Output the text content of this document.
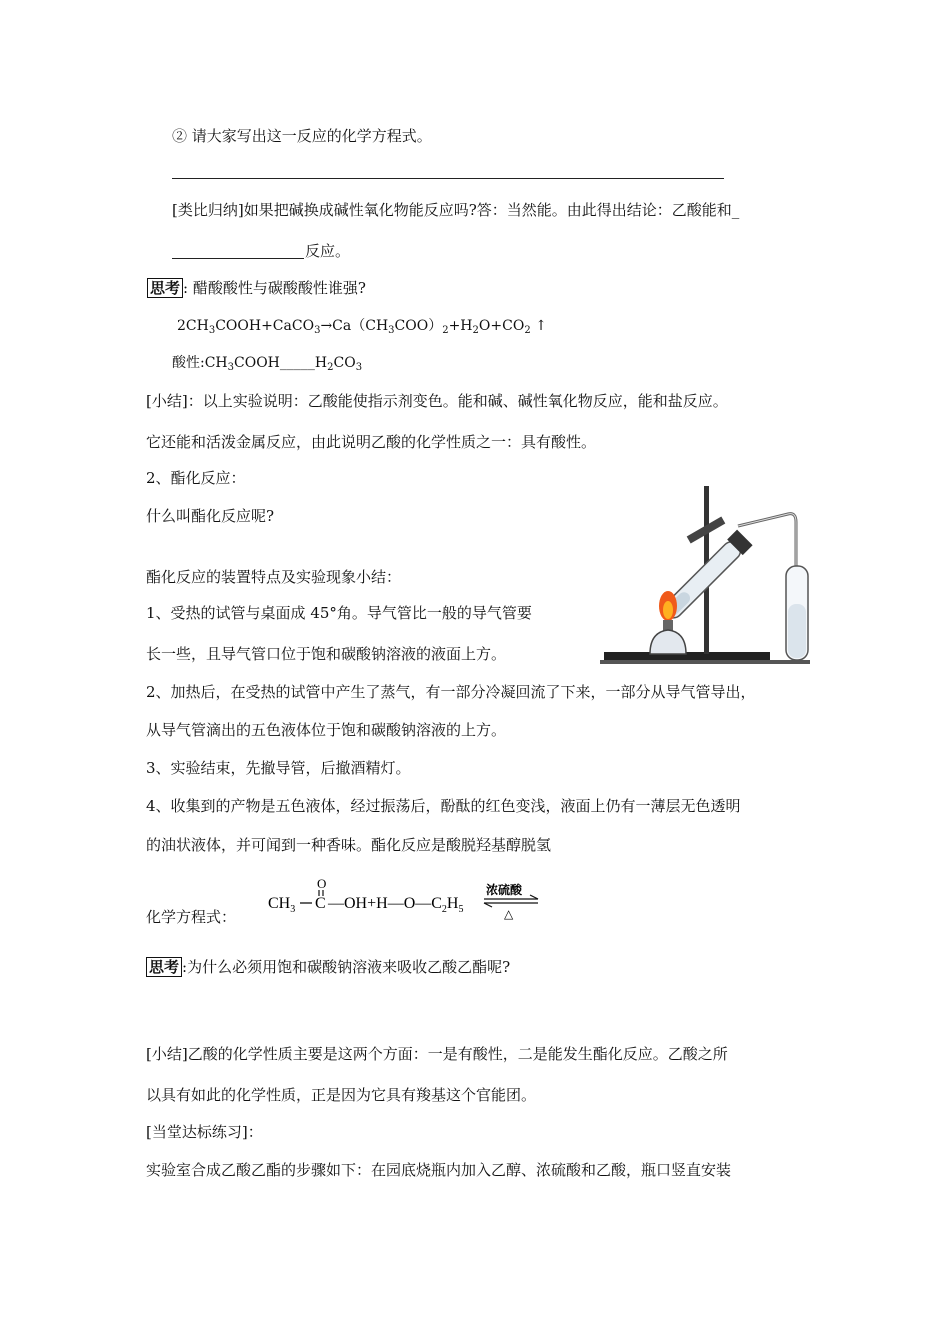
② 请大家写出这一反应的化学方程式。
[类比归纳]如果把碱换成碱性氧化物能反应吗?答：当然能。由此得出结论：乙酸能和_
反应。
思考 : 醋酸酸性与碳酸酸性谁强?
$2CH_3COOH+CaCO_3\to Ca(CH_3COO)_2+H_2O+CO_2$ ↑
酸性$:CH_3COOH\_\_\_\_\_H_2CO_3$
[小结]：以上实验说明：乙酸能使指示剂变色。能和碱、碱性氧化物反应，能和盐反应。
它还能和活泼金属反应，由此说明乙酸的化学性质之一：具有酸性。
2、酯化反应：
什么叫酯化反应呢?
酯化反应的装置特点及实验现象小结：
1、受热的试管与桌面成 45°角。导气管比一般的导气管要
长一些，且导气管口位于饱和碳酸钠溶液的液面上方。
2、加热后，在受热的试管中产生了蒸气，有一部分冷凝回流了下来，一部分从导气管导出，
从导气管滴出的五色液体位于饱和碳酸钠溶液的上方。
3、实验结束，先撤导管，后撤酒精灯。
4、收集到的产物是五色液体，经过振荡后，酚酞的红色变浅，液面上仍有一薄层无色透明
的油状液体，并可闻到一种香味。酯化反应是酸脱羟基醇脱氢
化学方程式：
$CH_3$ C
O
$—OH+H—O—C_2H_5$
浓硫酸
△
思考 :为什么必须用饱和碳酸钠溶液来吸收乙酸乙酯呢?
[小结]乙酸的化学性质主要是这两个方面：一是有酸性，二是能发生酯化反应。乙酸之所
以具有如此的化学性质，正是因为它具有羧基这个官能团。
[当堂达标练习]：
实验室合成乙酸乙酯的步骤如下：在园底烧瓶内加入乙醇、浓硫酸和乙酸，瓶口竖直安装
